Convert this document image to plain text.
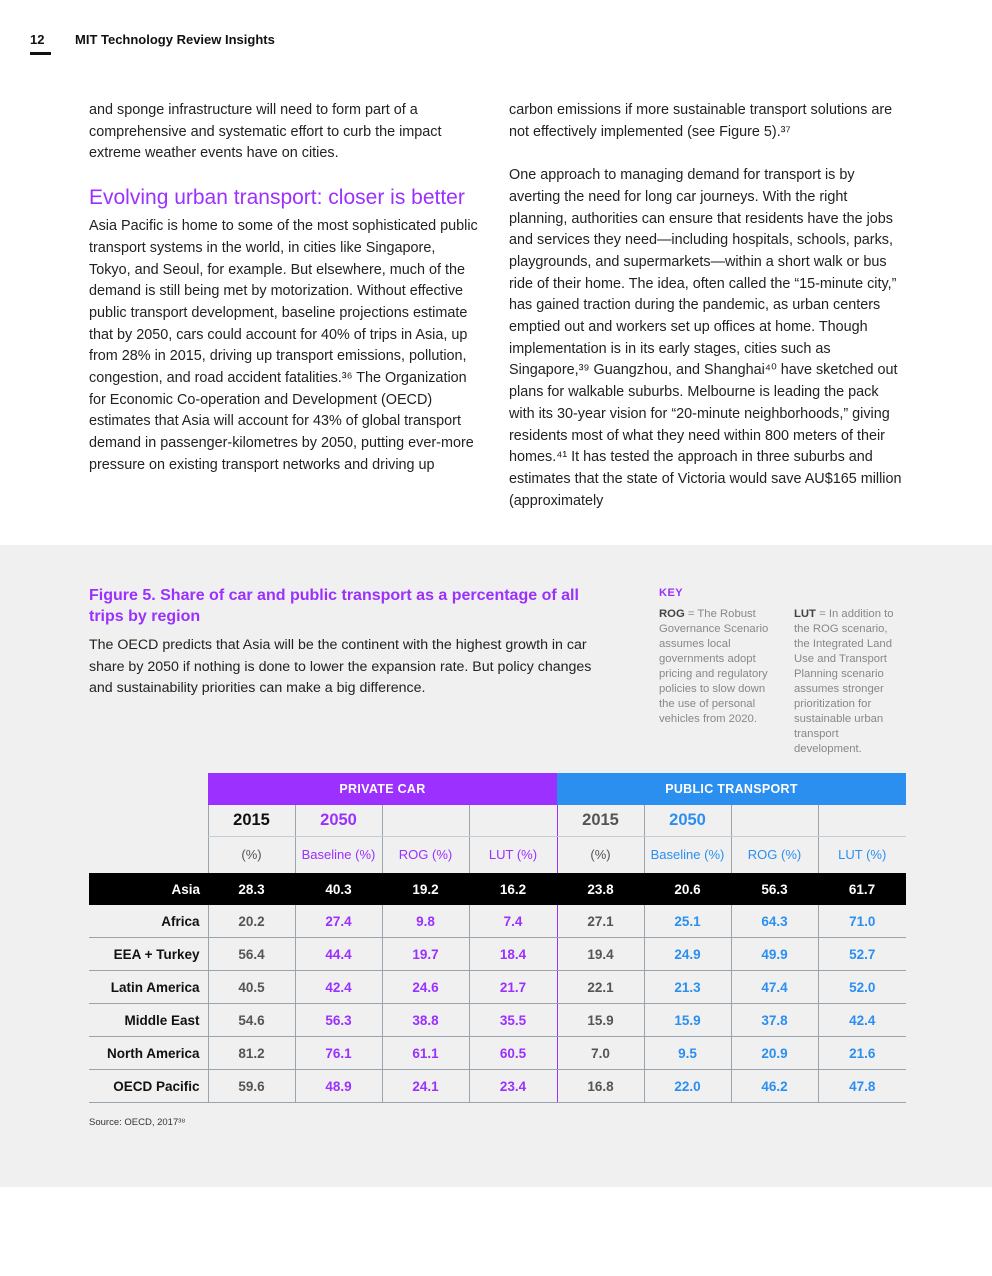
12 MIT Technology Review Insights

and sponge infrastructure will need to form part of a comprehensive and systematic effort to curb the impact extreme weather events have on cities.

Evolving urban transport: closer is better

Asia Pacific is home to some of the most sophisticated public transport systems in the world, in cities like Singapore, Tokyo, and Seoul, for example. But elsewhere, much of the demand is still being met by motorization. Without effective public transport development, baseline projections estimate that by 2050, cars could account for 40% of trips in Asia, up from 28% in 2015, driving up transport emissions, pollution, congestion, and road accident fatalities.³⁶ The Organization for Economic Co-operation and Development (OECD) estimates that Asia will account for 43% of global transport demand in passenger-kilometres by 2050, putting ever-more pressure on existing transport networks and driving up

carbon emissions if more sustainable transport solutions are not effectively implemented (see Figure 5).³⁷

One approach to managing demand for transport is by averting the need for long car journeys. With the right planning, authorities can ensure that residents have the jobs and services they need—including hospitals, schools, parks, playgrounds, and supermarkets—within a short walk or bus ride of their home. The idea, often called the “15-minute city,” has gained traction during the pandemic, as urban centers emptied out and workers set up offices at home. Though implementation is in its early stages, cities such as Singapore,³⁹ Guangzhou, and Shanghai⁴⁰ have sketched out plans for walkable suburbs. Melbourne is leading the pack with its 30-year vision for “20-minute neighborhoods,” giving residents most of what they need within 800 meters of their homes.⁴¹ It has tested the approach in three suburbs and estimates that the state of Victoria would save AU$165 million (approximately

Figure 5. Share of car and public transport as a percentage of all trips by region
The OECD predicts that Asia will be the continent with the highest growth in car share by 2050 if nothing is done to lower the expansion rate. But policy changes and sustainability priorities can make a big difference.
KEY
ROG = The Robust Governance Scenario assumes local governments adopt pricing and regulatory policies to slow down the use of personal vehicles from 2020.
LUT = In addition to the ROG scenario, the Integrated Land Use and Transport Planning scenario assumes stronger prioritization for sustainable urban transport development.
	PRIVATE CAR				PUBLIC TRANSPORT			
	2015	2050			2015	2050		
	(%)	Baseline (%)	ROG (%)	LUT (%)	(%)	Baseline (%)	ROG (%)	LUT (%)
Asia	28.3	40.3	19.2	16.2	23.8	20.6	56.3	61.7
Africa	20.2	27.4	9.8	7.4	27.1	25.1	64.3	71.0
EEA + Turkey	56.4	44.4	19.7	18.4	19.4	24.9	49.9	52.7
Latin America	40.5	42.4	24.6	21.7	22.1	21.3	47.4	52.0
Middle East	54.6	56.3	38.8	35.5	15.9	15.9	37.8	42.4
North America	81.2	76.1	61.1	60.5	7.0	9.5	20.9	21.6
OECD Pacific	59.6	48.9	24.1	23.4	16.8	22.0	46.2	47.8
Source: OECD, 2017³⁸
